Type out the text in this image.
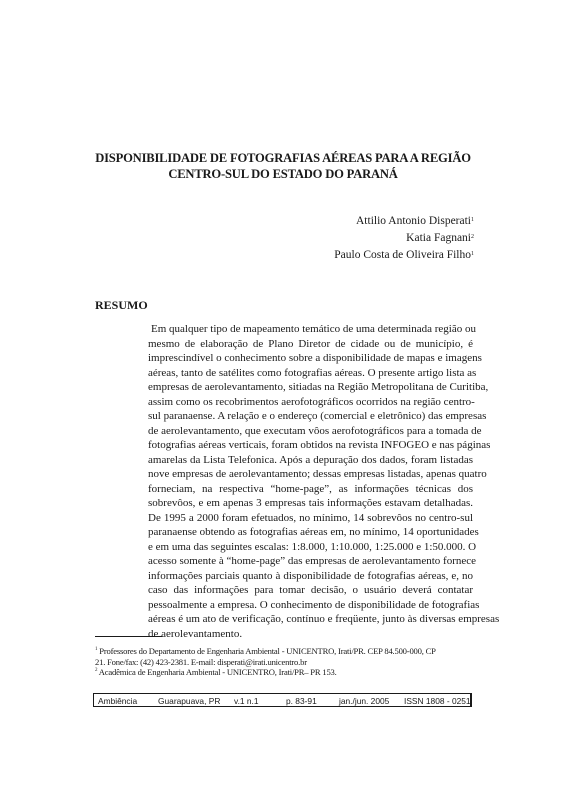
DISPONIBILIDADE DE FOTOGRAFIAS AÉREAS PARA A REGIÃO
CENTRO-SUL DO ESTADO DO PARANÁ
Attilio Antonio Disperati$^1$
Katia Fagnani$^2$
Paulo Costa de Oliveira Filho$^1$
RESUMO
Em qualquer tipo de mapeamento temático de uma determinada região ou
mesmo de elaboração de Plano Diretor de cidade ou de município, é
imprescindível o conhecimento sobre a disponibilidade de mapas e imagens
aéreas, tanto de satélites como fotografias aéreas. O presente artigo lista as
empresas de aerolevantamento, sitiadas na Região Metropolitana de Curitiba,
assim como os recobrimentos aerofotográficos ocorridos na região centro-
sul paranaense. A relação e o endereço (comercial e eletrônico) das empresas
de aerolevantamento, que executam vôos aerofotográficos para a tomada de
fotografias aéreas verticais, foram obtidos na revista INFOGEO e nas páginas
amarelas da Lista Telefonica. Após a depuração dos dados, foram listadas
nove empresas de aerolevantamento; dessas empresas listadas, apenas quatro
forneciam, na respectiva “home-page”, as informações técnicas dos
sobrevôos, e em apenas 3 empresas tais informações estavam detalhadas.
De 1995 a 2000 foram efetuados, no mínimo, 14 sobrevôos no centro-sul
paranaense obtendo as fotografias aéreas em, no mínimo, 14 oportunidades
e em uma das seguintes escalas: 1:8.000, 1:10.000, 1:25.000 e 1:50.000. O
acesso somente à “home-page” das empresas de aerolevantamento fornece
informações parciais quanto à disponibilidade de fotografias aéreas, e, no
caso das informações para tomar decisão, o usuário deverá contatar
pessoalmente a empresa. O conhecimento de disponibilidade de fotografias
aéreas é um ato de verificação, contínuo e freqüente, junto às diversas empresas
de aerolevantamento.
$^1$ Professores do Departamento de Engenharia Ambiental - UNICENTRO, Irati/PR. CEP 84.500-000, CP
21. Fone/fax: (42) 423-2381. E-mail: disperati@irati.unicentro.br
$^2$ Acadêmica de Engenharia Ambiental - UNICENTRO, Irati/PR– PR 153.
Ambiência Guarapuava, PR v.1 n.1	p. 83-91	jan./jun. 2005 ISSN 1808 - 0251
